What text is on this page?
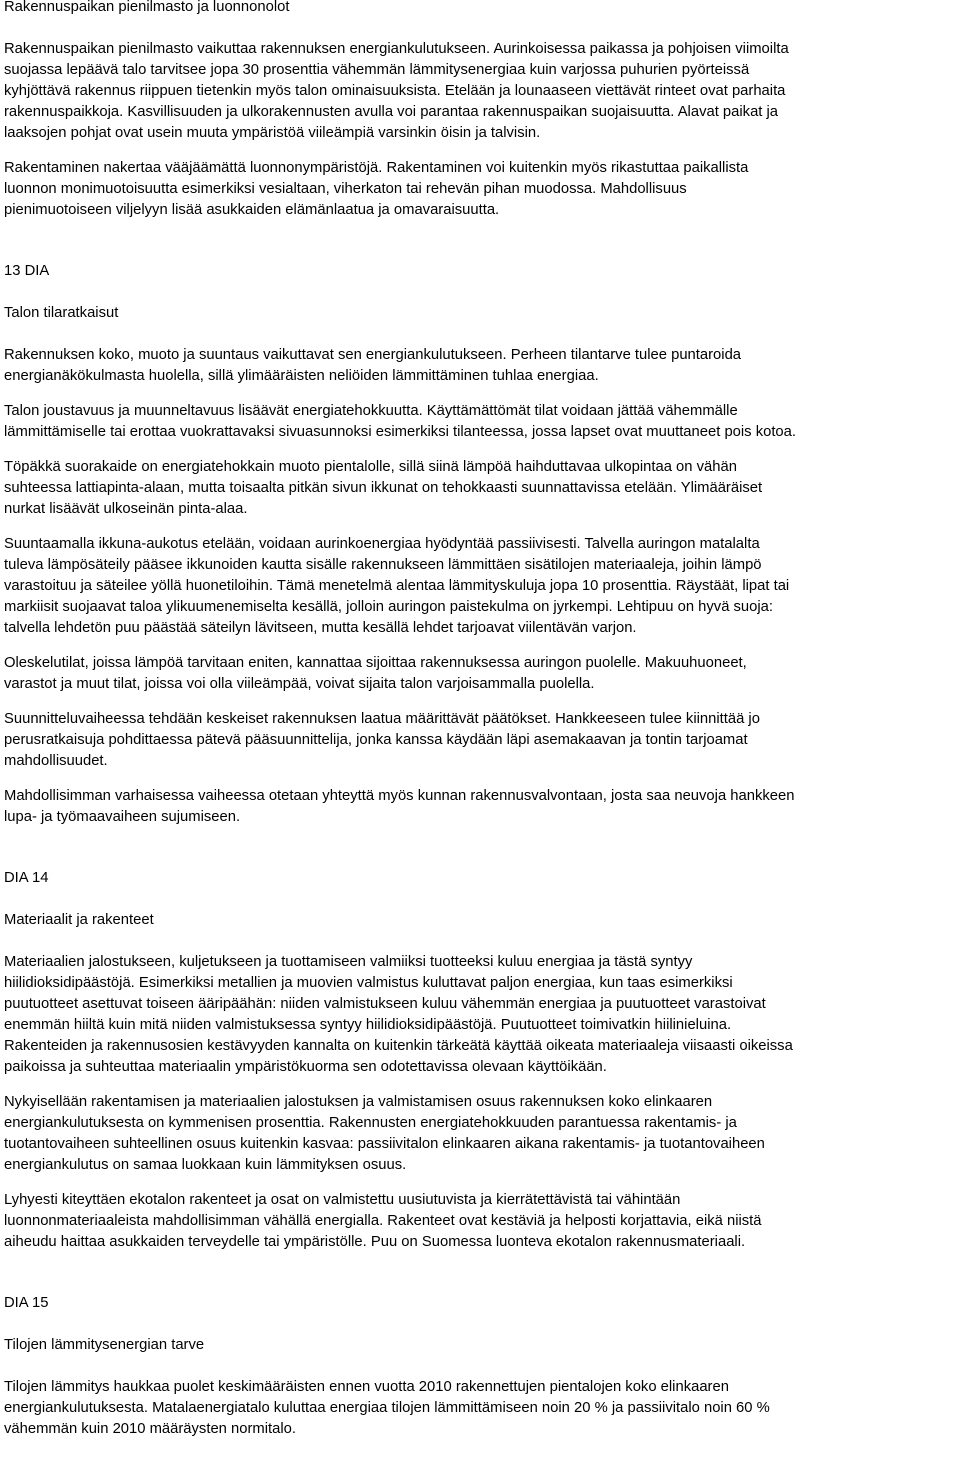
Rakennuspaikan pienilmasto ja luonnonolot
Rakennuspaikan pienilmasto vaikuttaa rakennuksen energiankulutukseen. Aurinkoisessa paikassa ja pohjoisen viimoilta
suojassa lepäävä talo tarvitsee jopa 30 prosenttia vähemmän lämmitysenergiaa kuin varjossa puhurien pyörteissä
kyhjöttävä rakennus riippuen tietenkin myös talon ominaisuuksista. Etelään ja lounaaseen viettävät rinteet ovat parhaita
rakennuspaikkoja. Kasvillisuuden ja ulkorakennusten avulla voi parantaa rakennuspaikan suojaisuutta. Alavat paikat ja
laaksojen pohjat ovat usein muuta ympäristöä viileämpiä varsinkin öisin ja talvisin.
Rakentaminen nakertaa vääjäämättä luonnonympäristöjä. Rakentaminen voi kuitenkin myös rikastuttaa paikallista
luonnon monimuotoisuutta esimerkiksi vesialtaan, viherkaton tai rehevän pihan muodossa. Mahdollisuus
pienimuotoiseen viljelyyn lisää asukkaiden elämänlaatua ja omavaraisuutta.
13 DIA
Talon tilaratkaisut
Rakennuksen koko, muoto ja suuntaus vaikuttavat sen energiankulutukseen. Perheen tilantarve tulee puntaroida
energianäkökulmasta huolella, sillä ylimääräisten neliöiden lämmittäminen tuhlaa energiaa.
Talon joustavuus ja muunneltavuus lisäävät energiatehokkuutta. Käyttämättömät tilat voidaan jättää vähemmälle
lämmittämiselle tai erottaa vuokrattavaksi sivuasunnoksi esimerkiksi tilanteessa, jossa lapset ovat muuttaneet pois kotoa.
Töpäkkä suorakaide on energiatehokkain muoto pientalolle, sillä siinä lämpöä haihduttavaa ulkopintaa on vähän
suhteessa lattiapinta-alaan, mutta toisaalta pitkän sivun ikkunat on tehokkaasti suunnattavissa etelään. Ylimääräiset
nurkat lisäävät ulkoseinän pinta-alaa.
Suuntaamalla ikkuna-aukotus etelään, voidaan aurinkoenergiaa hyödyntää passiivisesti. Talvella auringon matalalta
tuleva lämpösäteily pääsee ikkunoiden kautta sisälle rakennukseen lämmittäen sisätilojen materiaaleja, joihin lämpö
varastoituu ja säteilee yöllä huonetiloihin. Tämä menetelmä alentaa lämmityskuluja jopa 10 prosenttia. Räystäät, lipat tai
markiisit suojaavat taloa ylikuumenemiselta kesällä, jolloin auringon paistekulma on jyrkempi. Lehtipuu on hyvä suoja:
talvella lehdetön puu päästää säteilyn lävitseen, mutta kesällä lehdet tarjoavat viilentävän varjon.
Oleskelutilat, joissa lämpöä tarvitaan eniten, kannattaa sijoittaa rakennuksessa auringon puolelle. Makuuhuoneet,
varastot ja muut tilat, joissa voi olla viileämpää, voivat sijaita talon varjoisammalla puolella.
Suunnitteluvaiheessa tehdään keskeiset rakennuksen laatua määrittävät päätökset. Hankkeeseen tulee kiinnittää jo
perusratkaisuja pohdittaessa pätevä pääsuunnittelija, jonka kanssa käydään läpi asemakaavan ja tontin tarjoamat
mahdollisuudet.
Mahdollisimman varhaisessa vaiheessa otetaan yhteyttä myös kunnan rakennusvalvontaan, josta saa neuvoja hankkeen
lupa- ja työmaavaiheen sujumiseen.
DIA 14
Materiaalit ja rakenteet
Materiaalien jalostukseen, kuljetukseen ja tuottamiseen valmiiksi tuotteeksi kuluu energiaa ja tästä syntyy
hiilidioksidipäästöjä. Esimerkiksi metallien ja muovien valmistus kuluttavat paljon energiaa, kun taas esimerkiksi
puutuotteet asettuvat toiseen ääripäähän: niiden valmistukseen kuluu vähemmän energiaa ja puutuotteet varastoivat
enemmän hiiltä kuin mitä niiden valmistuksessa syntyy hiilidioksidipäästöjä. Puutuotteet toimivatkin hiilinieluina.
Rakenteiden ja rakennusosien kestävyyden kannalta on kuitenkin tärkeätä käyttää oikeata materiaaleja viisaasti oikeissa
paikoissa ja suhteuttaa materiaalin ympäristökuorma sen odotettavissa olevaan käyttöikään.
Nykyisellään rakentamisen ja materiaalien jalostuksen ja valmistamisen osuus rakennuksen koko elinkaaren
energiankulutuksesta on kymmenisen prosenttia. Rakennusten energiatehokkuuden parantuessa rakentamis- ja
tuotantovaiheen suhteellinen osuus kuitenkin kasvaa: passiivitalon elinkaaren aikana rakentamis- ja tuotantovaiheen
energiankulutus on samaa luokkaan kuin lämmityksen osuus.
Lyhyesti kiteyttäen ekotalon rakenteet ja osat on valmistettu uusiutuvista ja kierrätettävistä tai vähintään
luonnonmateriaaleista mahdollisimman vähällä energialla. Rakenteet ovat kestäviä ja helposti korjattavia, eikä niistä
aiheudu haittaa asukkaiden terveydelle tai ympäristölle. Puu on Suomessa luonteva ekotalon rakennusmateriaali.
DIA 15
Tilojen lämmitysenergian tarve
Tilojen lämmitys haukkaa puolet keskimääräisten ennen vuotta 2010 rakennettujen pientalojen koko elinkaaren
energiankulutuksesta. Matalaenergiatalo kuluttaa energiaa tilojen lämmittämiseen noin 20 % ja passiivitalo noin 60 %
vähemmän kuin 2010 määräysten normitalo.
